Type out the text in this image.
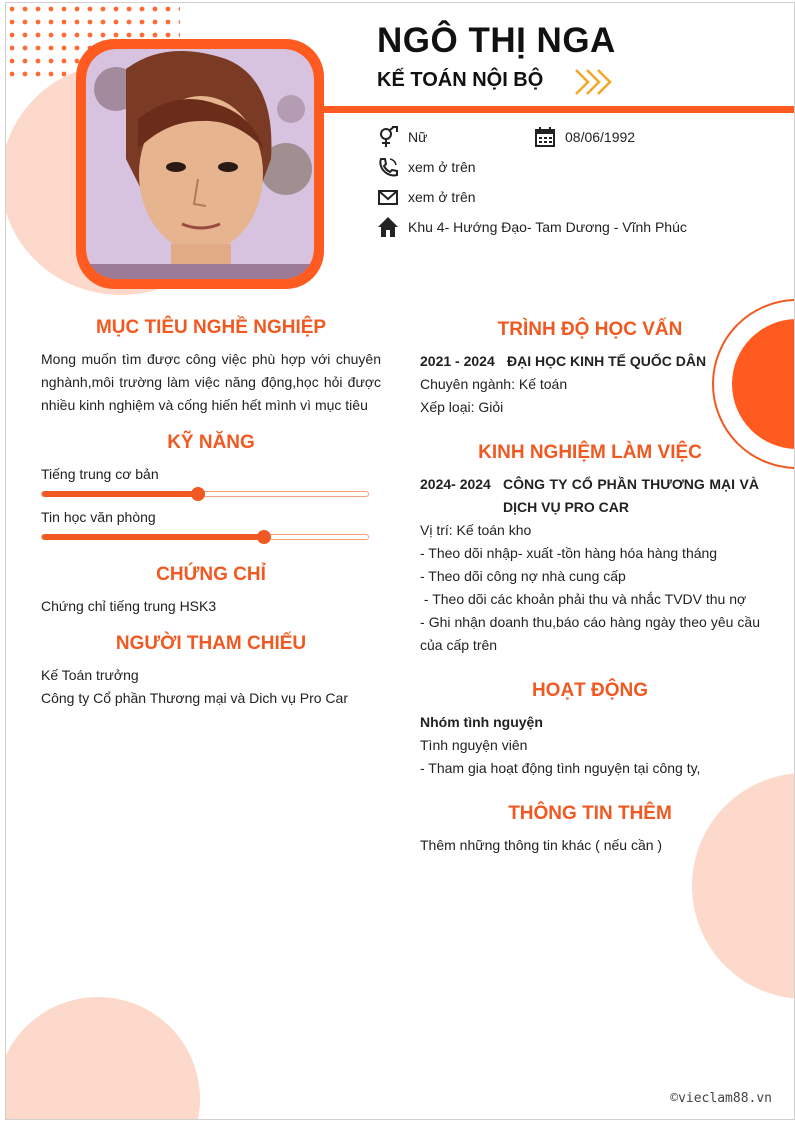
NGÔ THỊ NGA
KẾ TOÁN NỘI BỘ
Nữ	08/06/1992
xem ở trên
xem ở trên
Khu 4- Hướng Đạo- Tam Dương - Vĩnh Phúc
MỤC TIÊU NGHỀ NGHIỆP
Mong muốn tìm được công việc phù hợp với chuyên
nghành,môi trường làm việc năng động,học hỏi được
nhiều kinh nghiệm và cống hiến hết mình vì mục tiêu
KỸ NĂNG
Tiếng trung cơ bản
Tin học văn phòng
CHỨNG CHỈ
Chứng chỉ tiếng trung HSK3
NGƯỜI THAM CHIẾU
Kế Toán trưởng
Công ty Cổ phần Thương mại và Dich vụ Pro Car
TRÌNH ĐỘ HỌC VẤN
2021 - 2024 ĐẠI HỌC KINH TẾ QUỐC DÂN
Chuyên ngành: Kế toán
Xếp loại: Giỏi
KINH NGHIỆM LÀM VIỆC
2024- 2024 CÔNG TY CỔ PHẦN THƯƠNG MẠI VÀ
DỊCH VỤ PRO CAR
Vị trí: Kế toán kho
- Theo dõi nhập- xuất -tồn hàng hóa hàng tháng
- Theo dõi công nợ nhà cung cấp
- Theo dõi các khoản phải thu và nhắc TVDV thu nợ
- Ghi nhận doanh thu,báo cáo hàng ngày theo yêu cầu
của cấp trên
HOẠT ĐỘNG
Nhóm tình nguyện
Tình nguyện viên
- Tham gia hoạt động tình nguyện tại công ty,
THÔNG TIN THÊM
Thêm những thông tin khác ( nếu cần )
©vieclam88.vn
